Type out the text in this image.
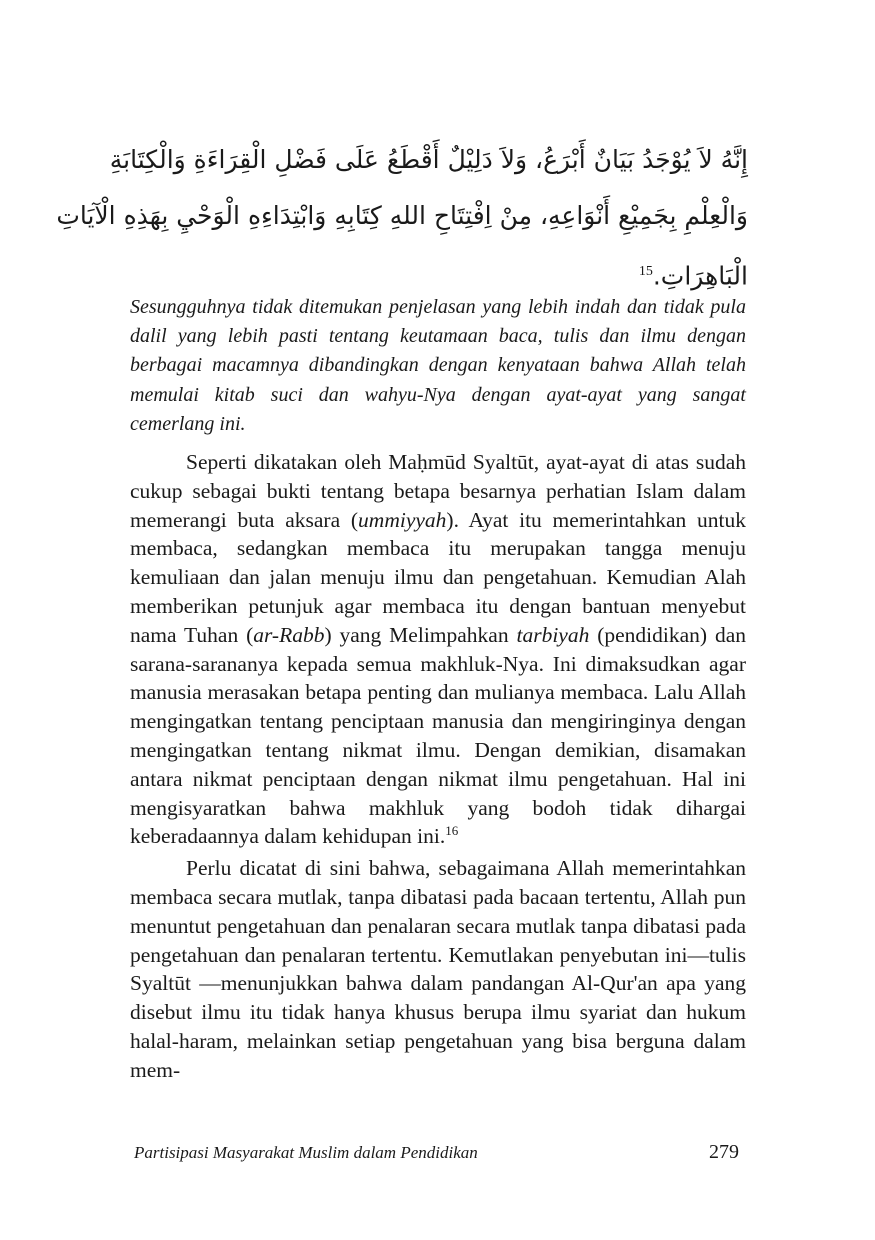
إِنَّهُ لاَ يُوْجَدُ بَيَانٌ أَبْرَعُ، وَلاَ دَلِيْلٌ أَقْطَعُ عَلَى فَضْلِ الْقِرَاءَةِ وَالْكِتَابَةِ
وَالْعِلْمِ بِجَمِيْعِ أَنْوَاعِهِ، مِنْ اِفْتِتَاحِ اللهِ كِتَابِهِ وَابْتِدَاءِهِ الْوَحْيِ بِهَذِهِ الْآيَاتِ
الْبَاهِرَاتِ.$^{15}$
Sesungguhnya tidak ditemukan penjelasan yang lebih indah dan tidak pula dalil yang lebih pasti tentang keutamaan baca, tulis dan ilmu dengan berbagai macamnya dibandingkan dengan kenyataan bahwa Allah telah memulai kitab suci dan wahyu-Nya dengan ayat-ayat yang sangat cemerlang ini.

Seperti dikatakan oleh Maḥmūd Syaltūt, ayat-ayat di atas sudah cukup sebagai bukti tentang betapa besarnya perhatian Islam dalam memerangi buta aksara (ummiyyah). Ayat itu memerintahkan untuk membaca, sedangkan membaca itu merupakan tangga menuju kemuliaan dan jalan menuju ilmu dan pengetahuan. Kemudian Alah memberikan petunjuk agar membaca itu dengan bantuan menyebut nama Tuhan (ar-Rabb) yang Melimpahkan tarbiyah (pendidikan) dan sarana-sarananya kepada semua makhluk-Nya. Ini dimaksudkan agar manusia merasakan betapa penting dan mulianya membaca. Lalu Allah mengingatkan tentang penciptaan manusia dan mengiringinya dengan mengingatkan tentang nikmat ilmu. Dengan demikian, disamakan antara nikmat penciptaan dengan nikmat ilmu pengetahuan. Hal ini mengisyaratkan bahwa makhluk yang bodoh tidak dihargai keberadaannya dalam kehidupan ini.$^{16}$

Perlu dicatat di sini bahwa, sebagaimana Allah memerintahkan membaca secara mutlak, tanpa dibatasi pada bacaan tertentu, Allah pun menuntut pengetahuan dan penalaran secara mutlak tanpa dibatasi pada pengetahuan dan penalaran tertentu. Kemutlakan penyebutan ini—tulis Syaltūt —menunjukkan bahwa dalam pandangan Al-Qur'an apa yang disebut ilmu itu tidak hanya khusus berupa ilmu syariat dan hukum halal-haram, melainkan setiap pengetahuan yang bisa berguna dalam mem-

Partisipasi Masyarakat Muslim dalam Pendidikan	279
